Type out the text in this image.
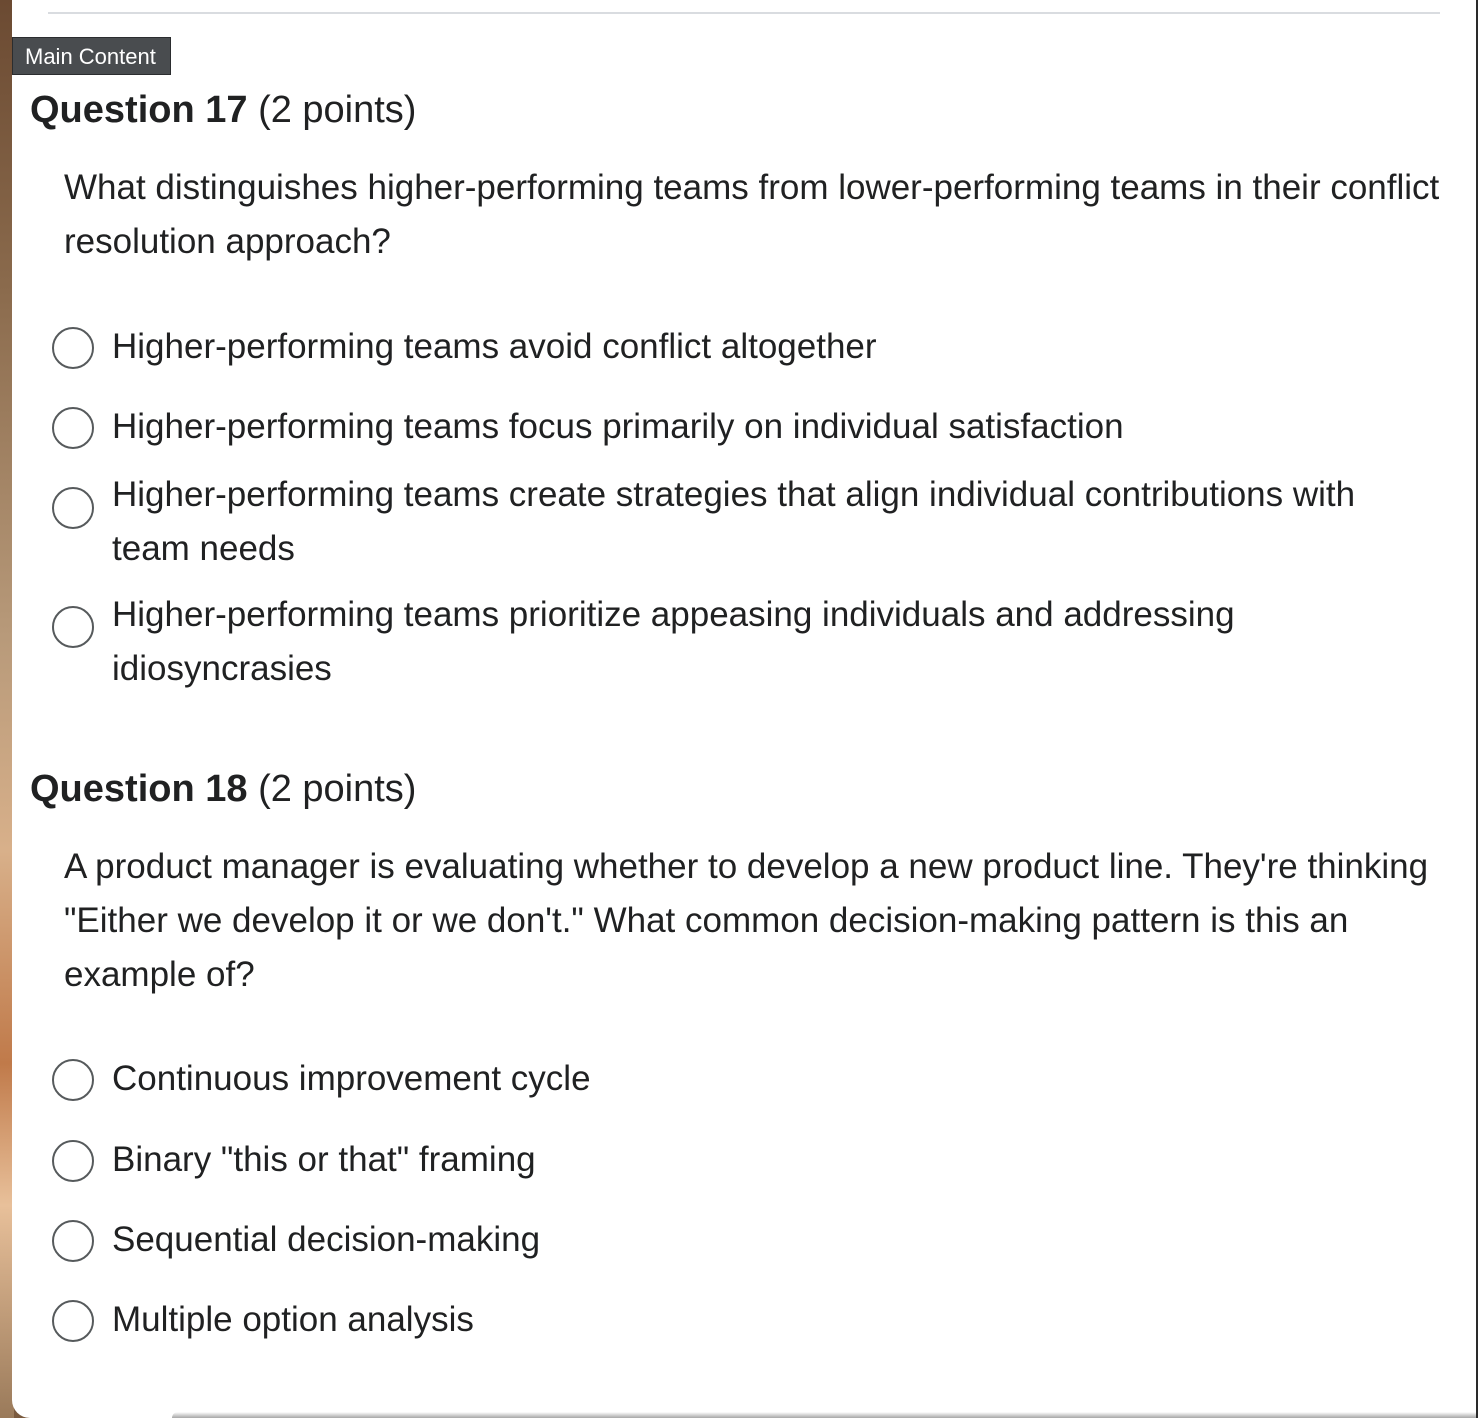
Main Content
Question 17 (2 points)

What distinguishes higher-performing teams from lower-performing teams in their conflict resolution approach?

Higher-performing teams avoid conflict altogether
Higher-performing teams focus primarily on individual satisfaction
Higher-performing teams create strategies that align individual contributions with team needs
Higher-performing teams prioritize appeasing individuals and addressing idiosyncrasies
Question 18 (2 points)

A product manager is evaluating whether to develop a new product line. They're thinking "Either we develop it or we don't." What common decision-making pattern is this an example of?

Continuous improvement cycle
Binary "this or that" framing
Sequential decision-making
Multiple option analysis
